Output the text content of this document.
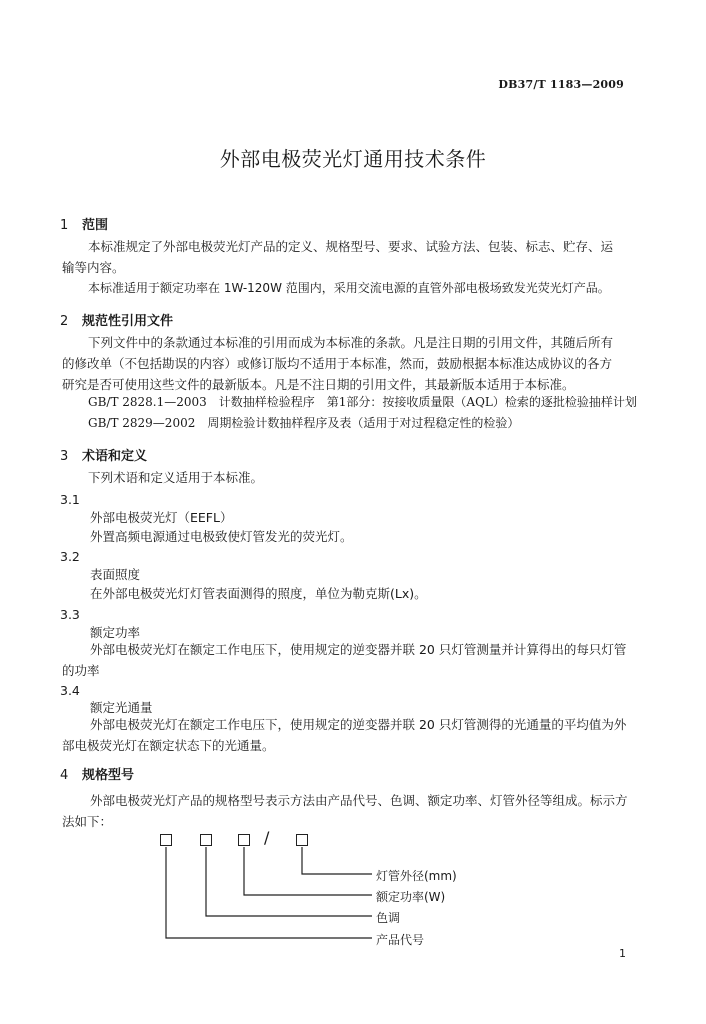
DB37/T 1183—2009
外部电极荧光灯通用技术条件
1 范围
本标准规定了外部电极荧光灯产品的定义、规格型号、要求、试验方法、包装、标志、贮存、运输等内容。
本标准适用于额定功率在 1W-120W 范围内，采用交流电源的直管外部电极场致发光荧光灯产品。
2 规范性引用文件
下列文件中的条款通过本标准的引用而成为本标准的条款。凡是注日期的引用文件，其随后所有的修改单（不包括勘误的内容）或修订版均不适用于本标准，然而，鼓励根据本标准达成协议的各方研究是否可使用这些文件的最新版本。凡是不注日期的引用文件，其最新版本适用于本标准。
GB/T 2828.1—2003　计数抽样检验程序　第1部分：按接收质量限（AQL）检索的逐批检验抽样计划
GB/T 2829—2002　周期检验计数抽样程序及表（适用于对过程稳定性的检验）
3 术语和定义
下列术语和定义适用于本标准。
3.1
外部电极荧光灯（EEFL）
外置高频电源通过电极致使灯管发光的荧光灯。
3.2
表面照度
在外部电极荧光灯灯管表面测得的照度，单位为勒克斯(Lx)。
3.3
额定功率
外部电极荧光灯在额定工作电压下，使用规定的逆变器并联 20 只灯管测量并计算得出的每只灯管的功率
3.4
额定光通量
外部电极荧光灯在额定工作电压下，使用规定的逆变器并联 20 只灯管测得的光通量的平均值为外部电极荧光灯在额定状态下的光通量。
4 规格型号
外部电极荧光灯产品的规格型号表示方法由产品代号、色调、额定功率、灯管外径等组成。标示方法如下：
/
灯管外径(mm)
额定功率(W)
色调
产品代号
1
